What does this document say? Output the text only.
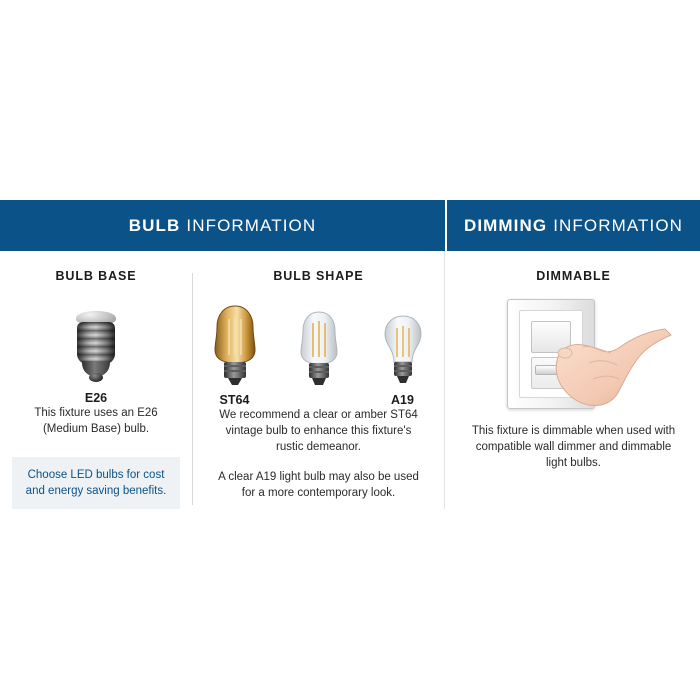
BULB INFORMATION
BULB BASE
E26
This fixture uses an E26 (Medium Base) bulb.
Choose LED bulbs for cost and energy saving benefits.
BULB SHAPE
ST64	A19
We recommend a clear or amber ST64 vintage bulb to enhance this fixture's rustic demeanor.
A clear A19 light bulb may also be used for a more contemporary look.
DIMMING INFORMATION
DIMMABLE
This fixture is dimmable when used with compatible wall dimmer and dimmable light bulbs.
